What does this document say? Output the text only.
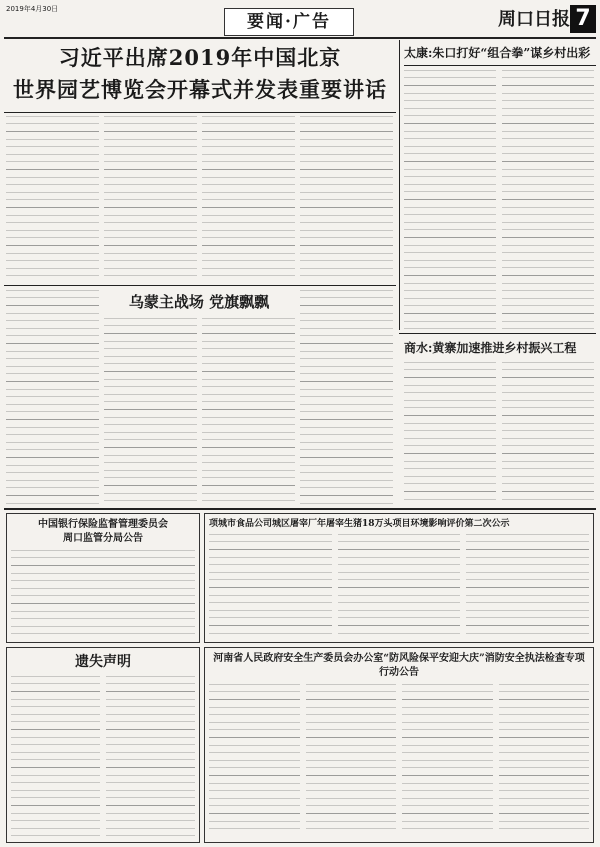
2019年4月30日
要闻·广告	周口日报 7
习近平出席2019年中国北京
世界园艺博览会开幕式并发表重要讲话
太康:朱口打好“组合拳”谋乡村出彩
乌蒙主战场 党旗飘飘
商水:黄寨加速推进乡村振兴工程
中国银行保险监督管理委员会
周口监管分局公告
项城市食品公司城区屠宰厂年屠宰生猪18万头项目环境影响评价第二次公示
遗失声明	河南省人民政府安全生产委员会办公室“防风险保平安迎大庆”消防安全执法检查专项行动公告
